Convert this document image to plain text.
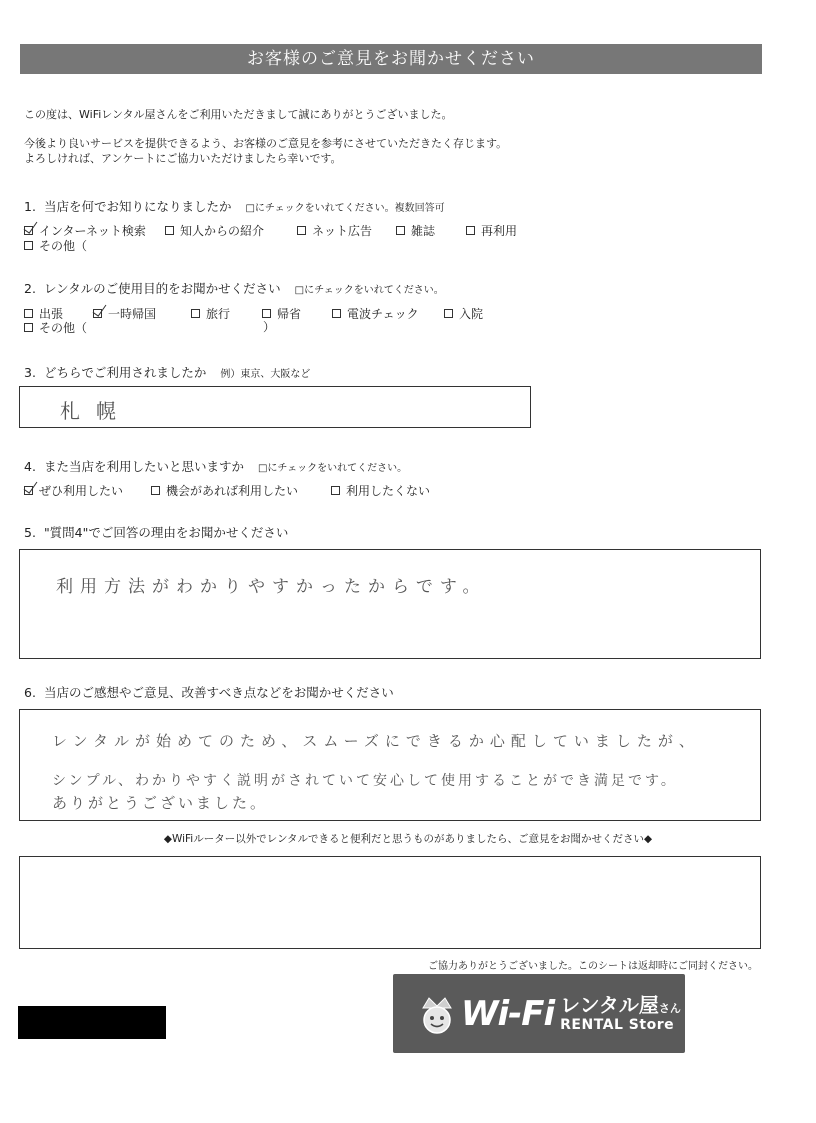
お客様のご意見をお聞かせください
この度は、WiFiレンタル屋さんをご利用いただきまして誠にありがとうございました。
今後より良いサービスを提供できるよう、お客様のご意見を参考にさせていただきたく存じます。
よろしければ、アンケートにご協力いただけましたら幸いです。
1. 当店を何でお知りになりましたか □にチェックをいれてください。複数回答可
インターネット検索	知人からの紹介	ネット広告	雑誌	再利用
その他（
2. レンタルのご使用目的をお聞かせください □にチェックをいれてください。
出張	一時帰国	旅行	帰省	電波チェック	入院
その他（	）
3. どちらでご利用されましたか 例）東京、大阪など
札幌
4. また当店を利用したいと思いますか □にチェックをいれてください。
ぜひ利用したい	機会があれば利用したい	利用したくない
5. "質問4"でご回答の理由をお聞かせください
利用方法がわかりやすかったからです。
6. 当店のご感想やご意見、改善すべき点などをお聞かせください
レンタルが始めてのため、スムーズにできるか心配していましたが、
シンプル、わかりやすく説明がされていて安心して使用することができ満足です。
ありがとうございました。
◆WiFiルーター以外でレンタルできると便利だと思うものがありましたら、ご意見をお聞かせください◆
ご協力ありがとうございました。このシートは返却時にご同封ください。
Wi-Fi レンタル屋さん
RENTAL Store
